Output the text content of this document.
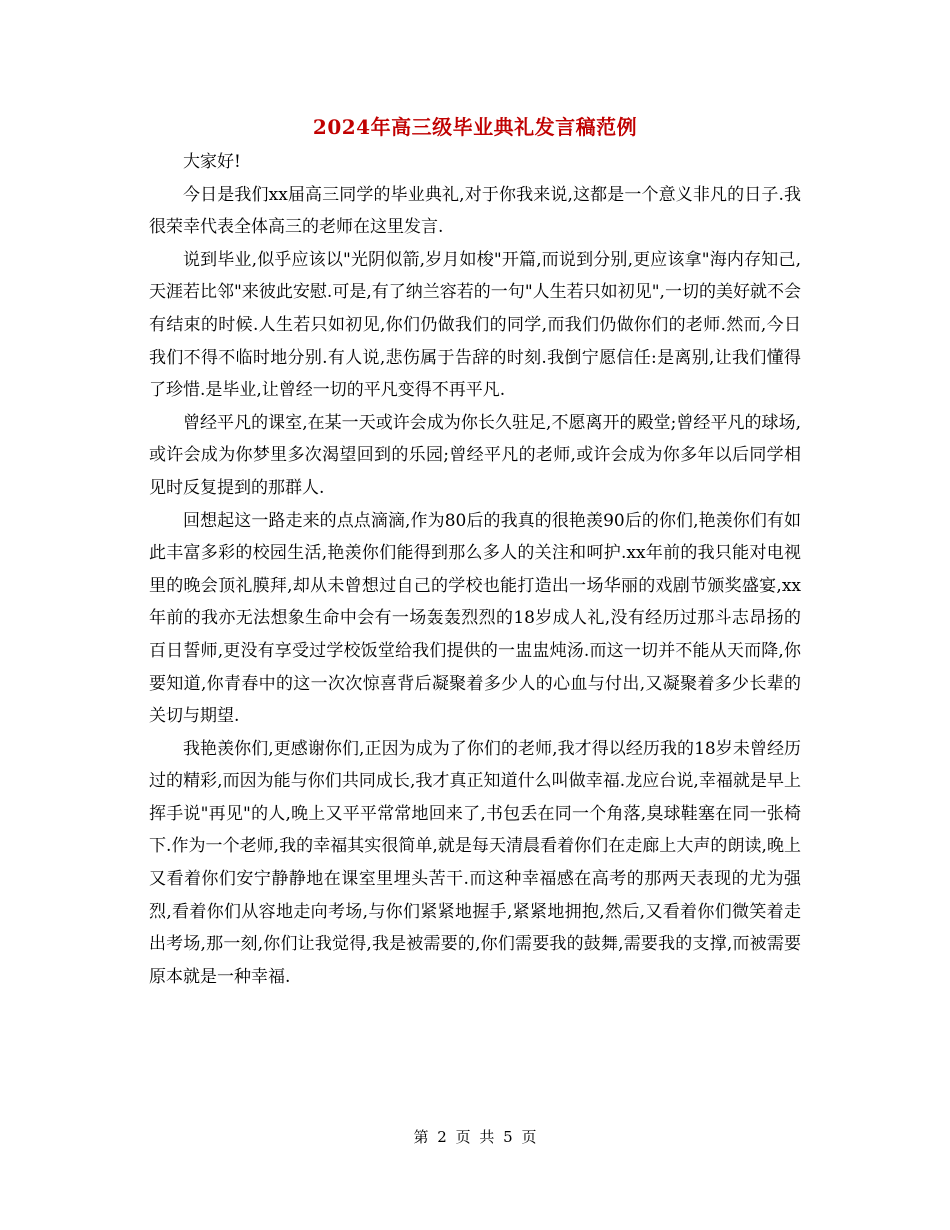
2024年高三级毕业典礼发言稿范例

大家好!

今日是我们xx届高三同学的毕业典礼,对于你我来说,这都是一个意义非凡的日子.我很荣幸代表全体高三的老师在这里发言.

说到毕业,似乎应该以"光阴似箭,岁月如梭"开篇,而说到分别,更应该拿"海内存知己,天涯若比邻"来彼此安慰.可是,有了纳兰容若的一句"人生若只如初见",一切的美好就不会有结束的时候.人生若只如初见,你们仍做我们的同学,而我们仍做你们的老师.然而,今日我们不得不临时地分别.有人说,悲伤属于告辞的时刻.我倒宁愿信任:是离别,让我们懂得了珍惜.是毕业,让曾经一切的平凡变得不再平凡.

曾经平凡的课室,在某一天或许会成为你长久驻足,不愿离开的殿堂;曾经平凡的球场,或许会成为你梦里多次渴望回到的乐园;曾经平凡的老师,或许会成为你多年以后同学相见时反复提到的那群人.

回想起这一路走来的点点滴滴,作为80后的我真的很艳羡90后的你们,艳羡你们有如此丰富多彩的校园生活,艳羡你们能得到那么多人的关注和呵护.xx年前的我只能对电视里的晚会顶礼膜拜,却从未曾想过自己的学校也能打造出一场华丽的戏剧节颁奖盛宴,xx年前的我亦无法想象生命中会有一场轰轰烈烈的18岁成人礼,没有经历过那斗志昂扬的百日誓师,更没有享受过学校饭堂给我们提供的一盅盅炖汤.而这一切并不能从天而降,你要知道,你青春中的这一次次惊喜背后凝聚着多少人的心血与付出,又凝聚着多少长辈的关切与期望.

我艳羡你们,更感谢你们,正因为成为了你们的老师,我才得以经历我的18岁未曾经历过的精彩,而因为能与你们共同成长,我才真正知道什么叫做幸福.龙应台说,幸福就是早上挥手说"再见"的人,晚上又平平常常地回来了,书包丢在同一个角落,臭球鞋塞在同一张椅下.作为一个老师,我的幸福其实很简单,就是每天清晨看着你们在走廊上大声的朗读,晚上又看着你们安宁静静地在课室里埋头苦干.而这种幸福感在高考的那两天表现的尤为强烈,看着你们从容地走向考场,与你们紧紧地握手,紧紧地拥抱,然后,又看着你们微笑着走出考场,那一刻,你们让我觉得,我是被需要的,你们需要我的鼓舞,需要我的支撑,而被需要原本就是一种幸福.

第 2 页 共 5 页
